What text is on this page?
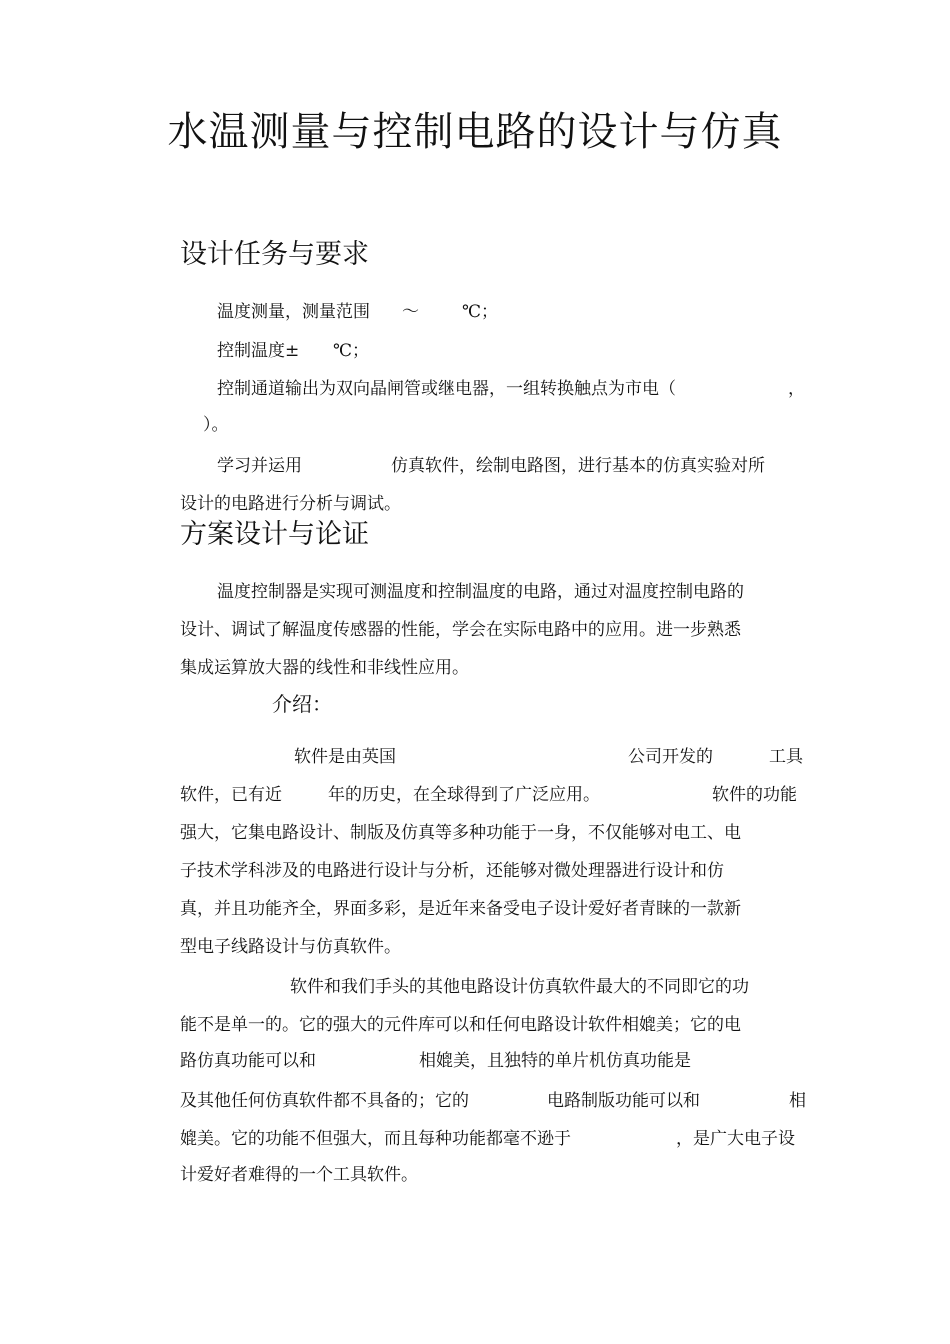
水温测量与控制电路的设计与仿真
设计任务与要求
温度测量，测量范围 ～	℃；
控制温度± ℃；
控制通道输出为双向晶闸管或继电器，一组转换触点为市电（	，
）。
学习并运用	仿真软件，绘制电路图，进行基本的仿真实验对所
设计的电路进行分析与调试。
方案设计与论证
温度控制器是实现可测温度和控制温度的电路，通过对温度控制电路的
设计、调试了解温度传感器的性能，学会在实际电路中的应用。进一步熟悉
集成运算放大器的线性和非线性应用。
介绍：
软件是由英国	公司开发的	工具
软件，已有近	年的历史，在全球得到了广泛应用。	软件的功能
强大，它集电路设计、制版及仿真等多种功能于一身，不仅能够对电工、电
子技术学科涉及的电路进行设计与分析，还能够对微处理器进行设计和仿
真，并且功能齐全，界面多彩，是近年来备受电子设计爱好者青睐的一款新
型电子线路设计与仿真软件。
软件和我们手头的其他电路设计仿真软件最大的不同即它的功
能不是单一的。它的强大的元件库可以和任何电路设计软件相媲美；它的电
路仿真功能可以和	相媲美，且独特的单片机仿真功能是
及其他任何仿真软件都不具备的；它的	电路制版功能可以和	相
媲美。它的功能不但强大，而且每种功能都毫不逊于	，是广大电子设
计爱好者难得的一个工具软件。
